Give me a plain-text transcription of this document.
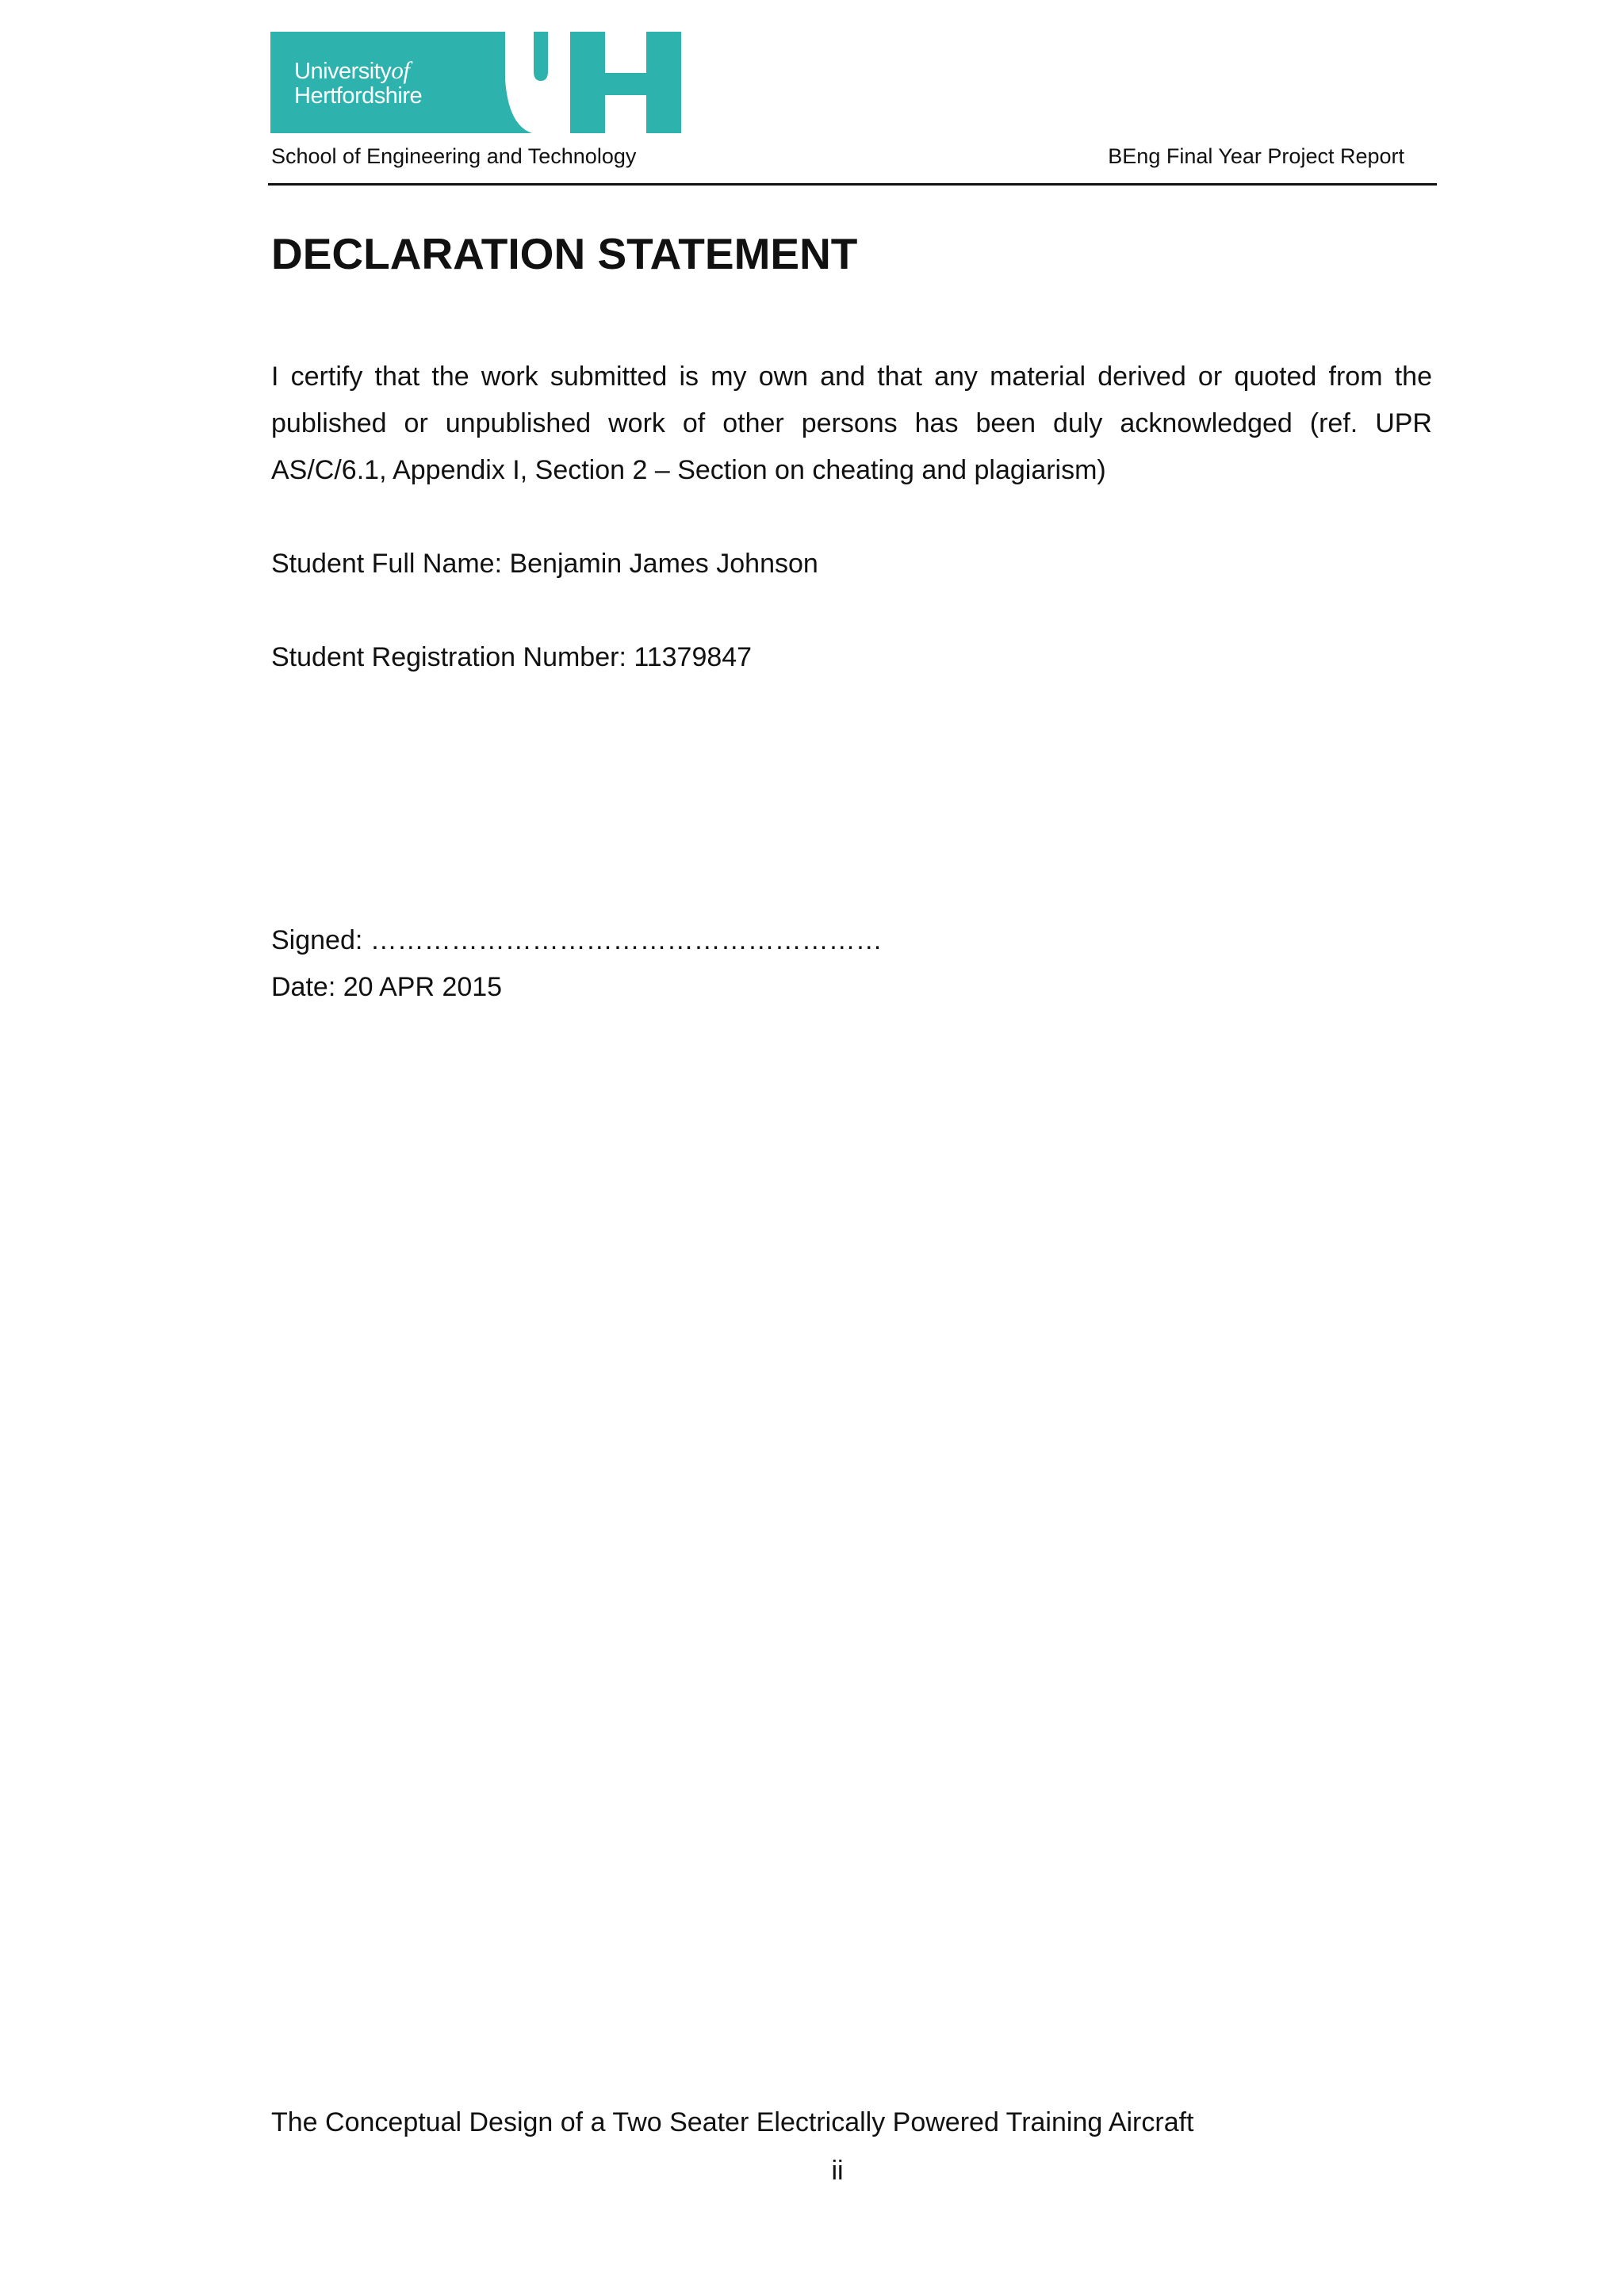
Universityof
Hertfordshire
School of Engineering and Technology	BEng Final Year Project Report
DECLARATION STATEMENT
I certify that the work submitted is my own and that any material derived or quoted from the published or unpublished work of other persons has been duly acknowledged (ref. UPR AS/C/6.1, Appendix I, Section 2 – Section on cheating and plagiarism)
Student Full Name: Benjamin James Johnson
Student Registration Number: 11379847
Signed: …………………………………………………
Date: 20 APR 2015
The Conceptual Design of a Two Seater Electrically Powered Training Aircraft
ii
